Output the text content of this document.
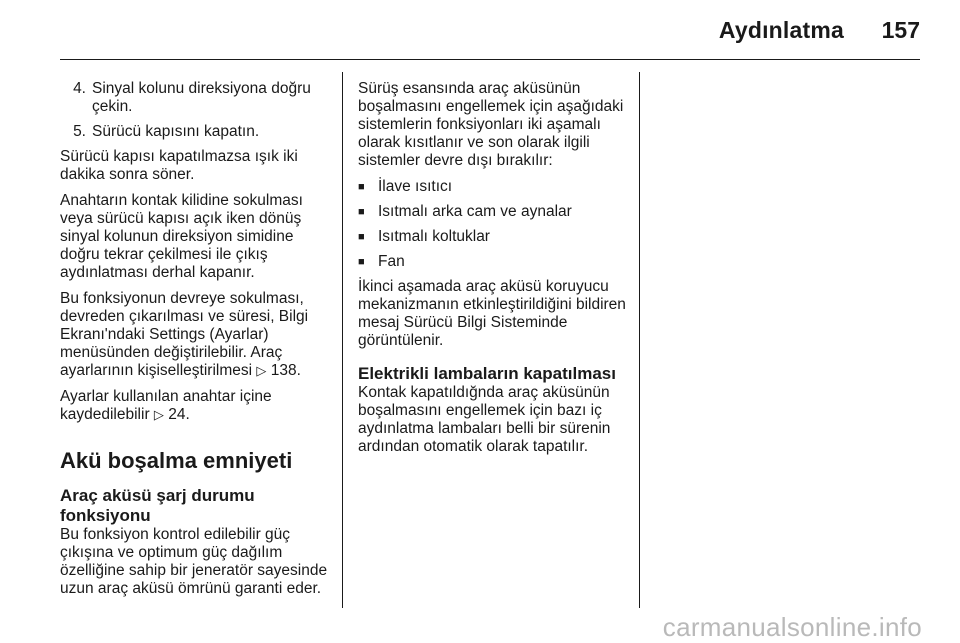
Aydınlatma 157
4. Sinyal kolunu direksiyona doğru çekin.
5. Sürücü kapısını kapatın.

Sürücü kapısı kapatılmazsa ışık iki dakika sonra söner.

Anahtarın kontak kilidine sokulması veya sürücü kapısı açık iken dönüş sinyal kolunun direksiyon simidine doğru tekrar çekilmesi ile çıkış aydınlatması derhal kapanır.

Bu fonksiyonun devreye sokulması, devreden çıkarılması ve süresi, Bilgi Ekranı'ndaki Settings (Ayarlar) menüsünden değiştirilebilir. Araç ayarlarının kişiselleştirilmesi ▷ 138.

Ayarlar kullanılan anahtar içine kaydedilebilir ▷ 24.

Akü boşalma emniyeti
Araç aküsü şarj durumu fonksiyonu

Bu fonksiyon kontrol edilebilir güç çıkışına ve optimum güç dağılım özelliğine sahip bir jeneratör sayesinde uzun araç aküsü ömrünü garanti eder.

Sürüş esansında araç aküsünün boşalmasını engellemek için aşağıdaki sistemlerin fonksiyonları iki aşamalı olarak kısıtlanır ve son olarak ilgili sistemler devre dışı bırakılır:

■ İlave ısıtıcı
■ Isıtmalı arka cam ve aynalar
■ Isıtmalı koltuklar
■ Fan

İkinci aşamada araç aküsü koruyucu mekanizmanın etkinleştirildiğini bildiren mesaj Sürücü Bilgi Sisteminde görüntülenir.

Elektrikli lambaların kapatılması

Kontak kapatıldığnda araç aküsünün boşalmasını engellemek için bazı iç aydınlatma lambaları belli bir sürenin ardından otomatik olarak tapatılır.

carmanualsonline.info
